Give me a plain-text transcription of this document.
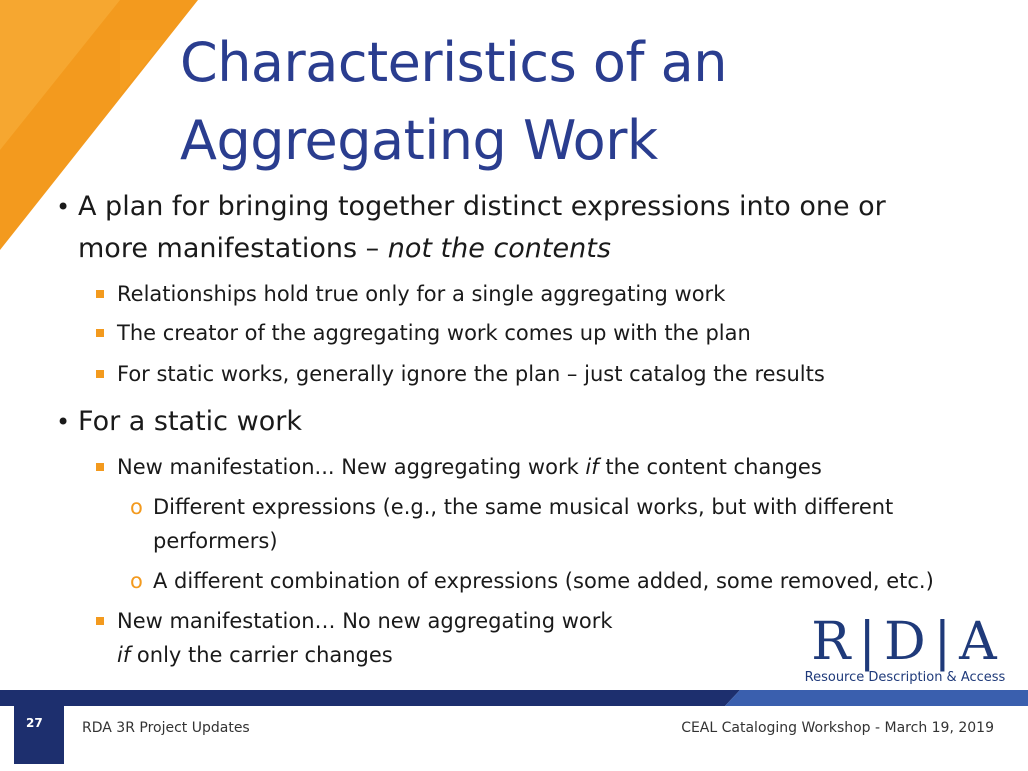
Characteristics of an
Aggregating Work
• A plan for bringing together distinct expressions into one or
more manifestations – not the contents
Relationships hold true only for a single aggregating work
The creator of the aggregating work comes up with the plan
For static works, generally ignore the plan – just catalog the results
• For a static work
New manifestation... New aggregating work if the content changes
o Different expressions (e.g., the same musical works, but with different
performers)
o A different combination of expressions (some added, some removed, etc.)
New manifestation… No new aggregating work
if only the carrier changes	R|D|A
Resource Description & Access
27	RDA 3R Project Updates	CEAL Cataloging Workshop - March 19, 2019
